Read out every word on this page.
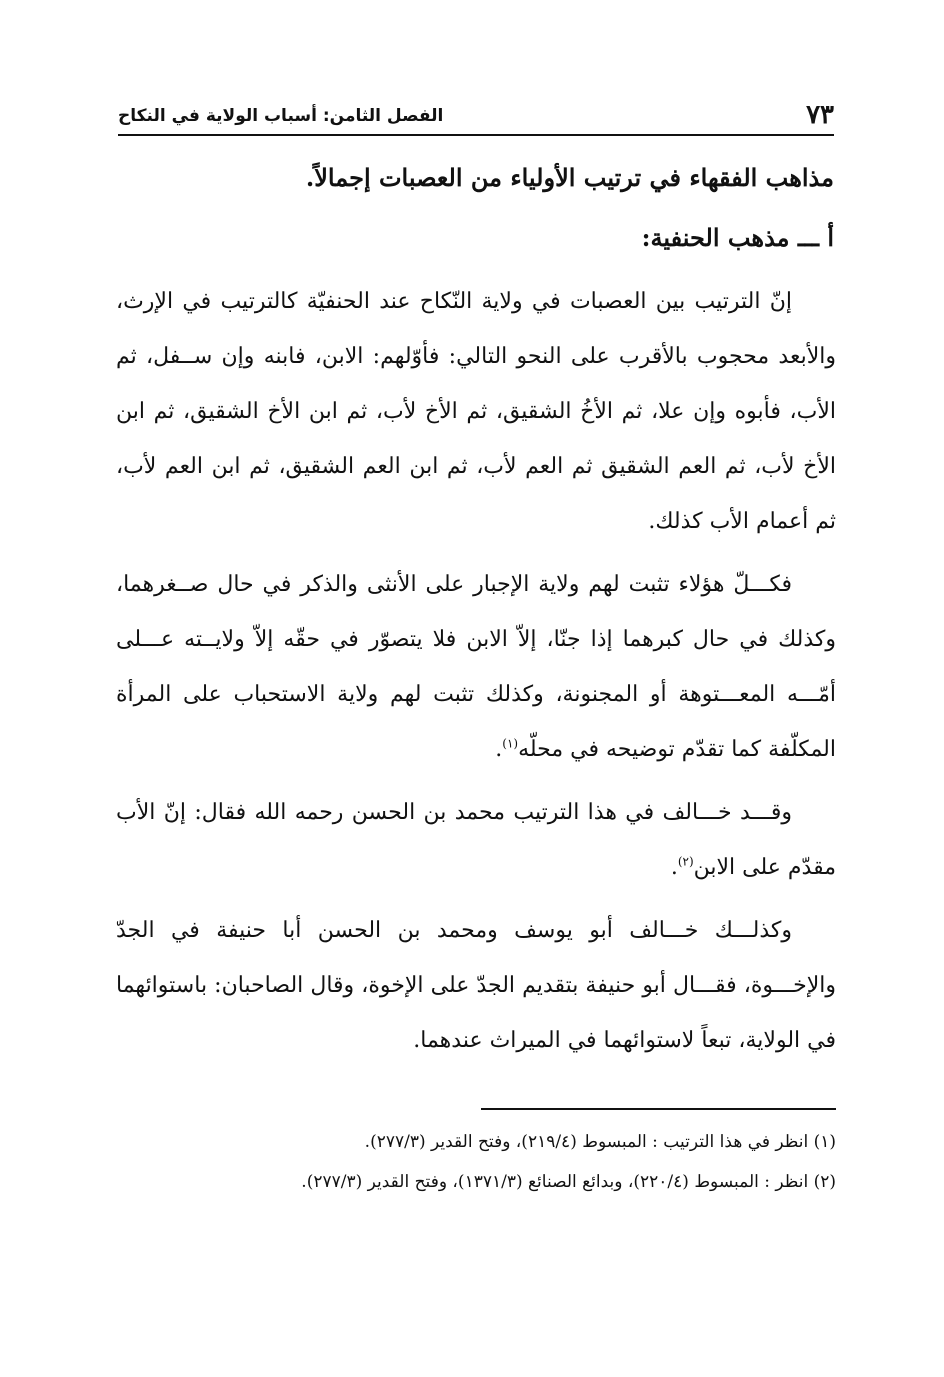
٧٣
الفصل الثامن: أسباب الولاية في النكاح
مذاهب الفقهاء في ترتيب الأولياء من العصبات إجمالاً.
أ ـــ مذهب الحنفية:

إنّ الترتيب بين العصبات في ولاية النّكاح عند الحنفيّة كالترتيب في الإرث، والأبعد محجوب بالأقرب على النحو التالي: فأوّلهم: الابن، فابنه وإن ســفل، ثم الأب، فأبوه وإن علا، ثم الأخُ الشقيق، ثم الأخ لأب، ثم ابن الأخ الشقيق، ثم ابن الأخ لأب، ثم العم الشقيق ثم العم لأب، ثم ابن العم الشقيق، ثم ابن العم لأب، ثم أعمام الأب كذلك.

فكـــلّ هؤلاء تثبت لهم ولاية الإجبار على الأنثى والذكر في حال صــغرهما، وكذلك في حال كبرهما إذا جنّا، إلاّ الابن فلا يتصوّر في حقّه إلاّ ولايــته عـــلى أمّـــه المعـــتوهة أو المجنونة، وكذلك تثبت لهم ولاية الاستحباب على المرأة المكلّفة كما تقدّم توضيحه في محلّه$^{(١)}$.

وقـــد خـــالف في هذا الترتيب محمد بن الحسن رحمه الله فقال: إنّ الأب مقدّم على الابن$^{(٢)}$.

وكذلـــك خـــالف أبو يوسف ومحمد بن الحسن أبا حنيفة في الجدّ والإخـــوة، فقـــال أبو حنيفة بتقديم الجدّ على الإخوة، وقال الصاحبان: باستوائهما في الولاية، تبعاً لاستوائهما في الميراث عندهما.

(١) انظر في هذا الترتيب : المبسوط (٢١٩/٤)، وفتح القدير (٢٧٧/٣).

(٢) انظر : المبسوط (٢٢٠/٤)، وبدائع الصنائع (١٣٧١/٣)، وفتح القدير (٢٧٧/٣).
